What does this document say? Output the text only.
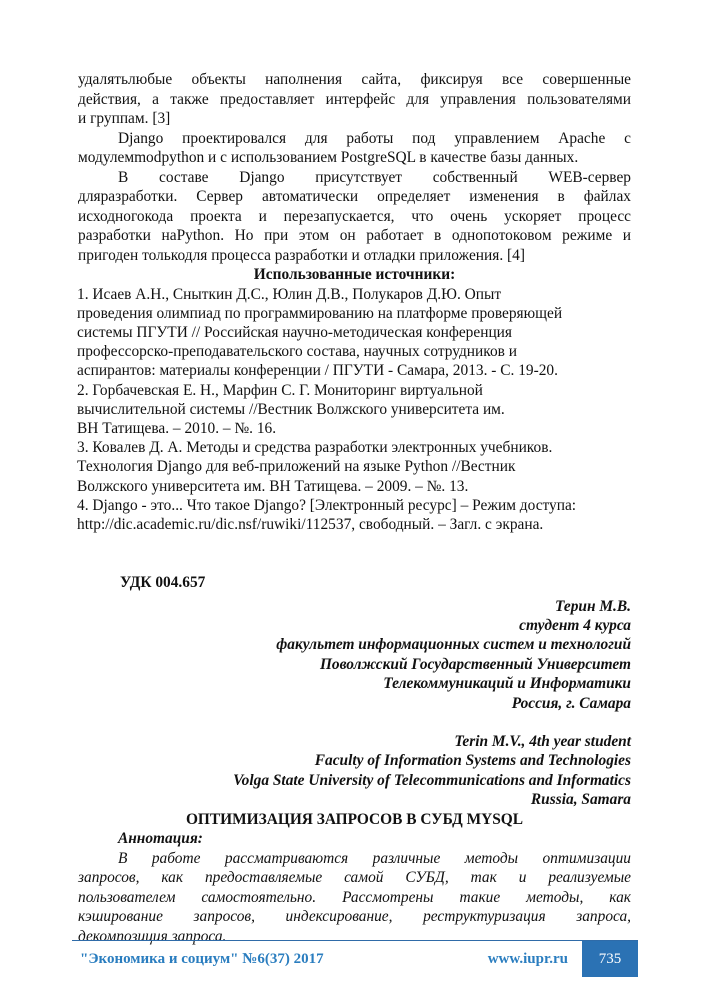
удалятьлюбые объекты наполнения сайта, фиксируя все совершенные

действия, а также предоставляет интерфейс для управления пользователями

и группам. [3]

Django проектировался для работы под управлением Apache с

модулемmodpython и с использованием PostgreSQL в качестве базы данных.

В составе Django присутствует собственный WEB-сервер

дляразработки. Сервер автоматически определяет изменения в файлах

исходногокода проекта и перезапускается, что очень ускоряет процесс

разработки наPython. Но при этом он работает в однопотоковом режиме и

пригоден толькодля процесса разработки и отладки приложения. [4]

Использованные источники:

1. Исаев А.Н., Сныткин Д.С., Юлин Д.В., Полукаров Д.Ю. Опыт

проведения олимпиад по программированию на платформе проверяющей

системы ПГУТИ // Российская научно-методическая конференция

профессорско-преподавательского состава, научных сотрудников и

аспирантов: материалы конференции / ПГУТИ - Самара, 2013. - С. 19-20.

2. Горбачевская Е. Н., Марфин С. Г. Мониторинг виртуальной

вычислительной системы //Вестник Волжского университета им.

ВН Татищева. – 2010. – №. 16.

3. Ковалев Д. А. Методы и средства разработки электронных учебников.

Технология Django для веб-приложений на языке Python //Вестник

Волжского университета им. ВН Татищева. – 2009. – №. 13.

4. Django - это... Что такое Django? [Электронный ресурс] – Режим доступа:

http://dic.academic.ru/dic.nsf/ruwiki/112537, свободный. – Загл. с экрана.

УДК 004.657

Терин М.В.

студент 4 курса

факультет информационных систем и технологий

Поволжский Государственный Университет

Телекоммуникаций и Информатики

Россия, г. Самара

Terin M.V., 4th year student

Faculty of Information Systems and Technologies

Volga State University of Telecommunications and Informatics

Russia, Samara

ОПТИМИЗАЦИЯ ЗАПРОСОВ В СУБД MYSQL

Аннотация:

В работе рассматриваются различные методы оптимизации

запросов, как предоставляемые самой СУБД, так и реализуемые

пользователем самостоятельно. Рассмотрены такие методы, как

кэширование запросов, индексирование, реструктуризация запроса,

декомпозиция запроса.

"Экономика и социум" №6(37) 2017	www.iupr.ru	735
